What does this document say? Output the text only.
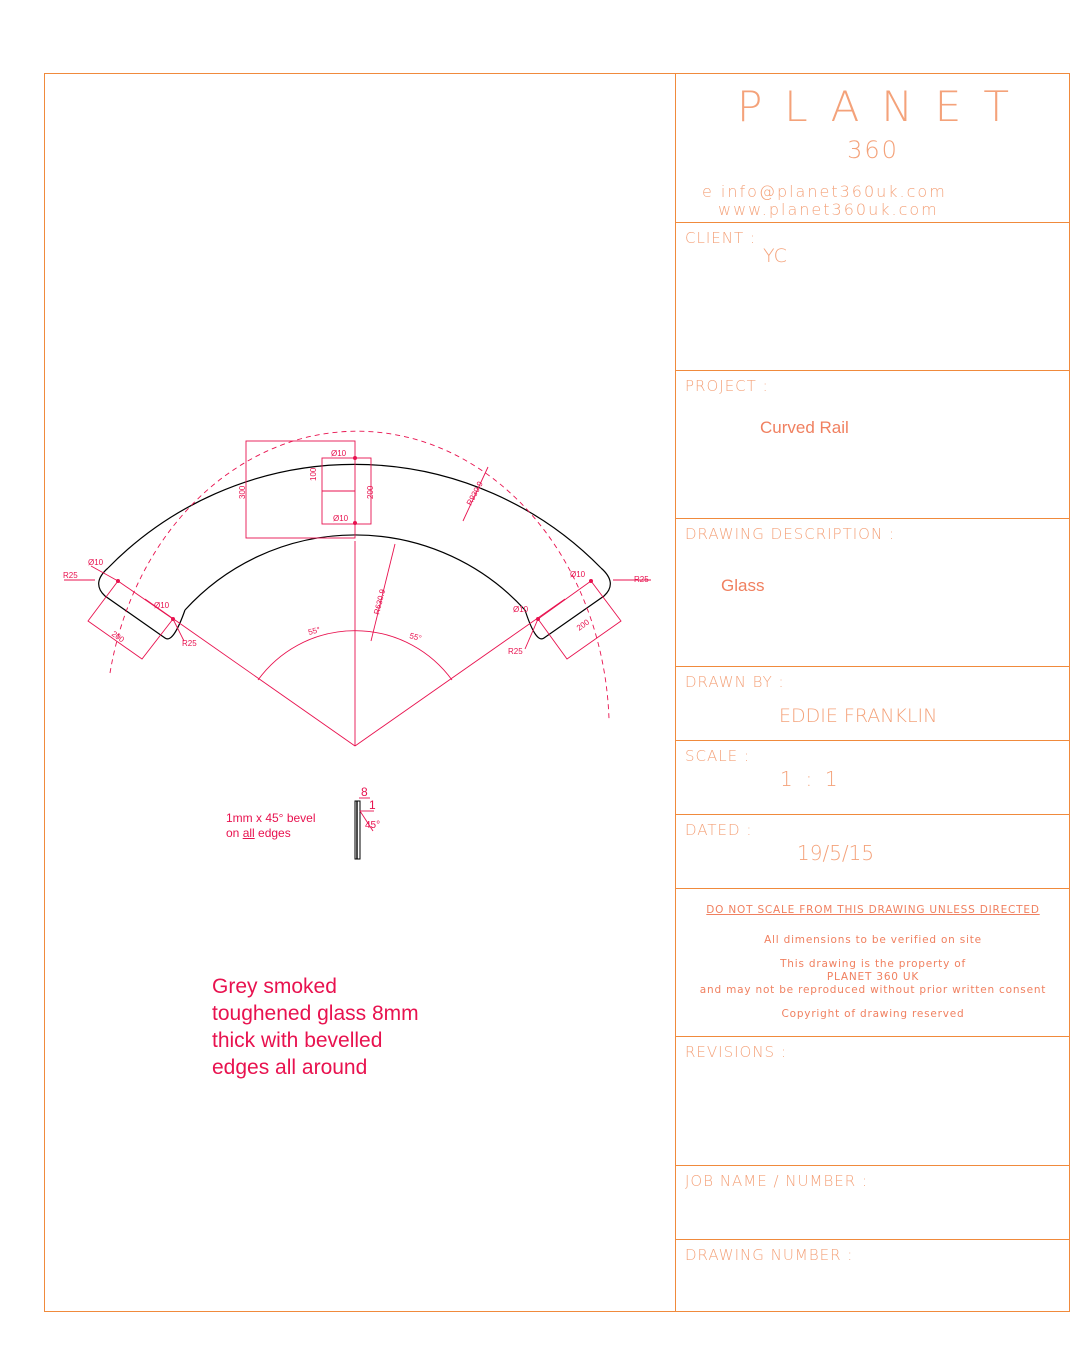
Ø10
Ø10
300
100
200	R930.9
R630.9
55°
55°
Ø10
R25
Ø10
R25
200
Ø10
R25
Ø10
R25
200
8
1
45°
1mm x 45° bevel
on all edges
Grey smoked
toughened glass 8mm
thick with bevelled
edges all around
PLANET
360
e info@planet360uk.com
www.planet360uk.com
CLIENT :
YC
PROJECT :
Curved Rail
DRAWING DESCRIPTION :
Glass
DRAWN BY :
EDDIE FRANKLIN
SCALE :
1  :  1
DATED :
19/5/15
DO NOT SCALE FROM THIS DRAWING UNLESS DIRECTED
All dimensions to be verified on site
This drawing is the property of
PLANET 360 UK
and may not be reproduced without prior written consent
Copyright of drawing reserved
REVISIONS :
JOB NAME / NUMBER :
DRAWING NUMBER :
